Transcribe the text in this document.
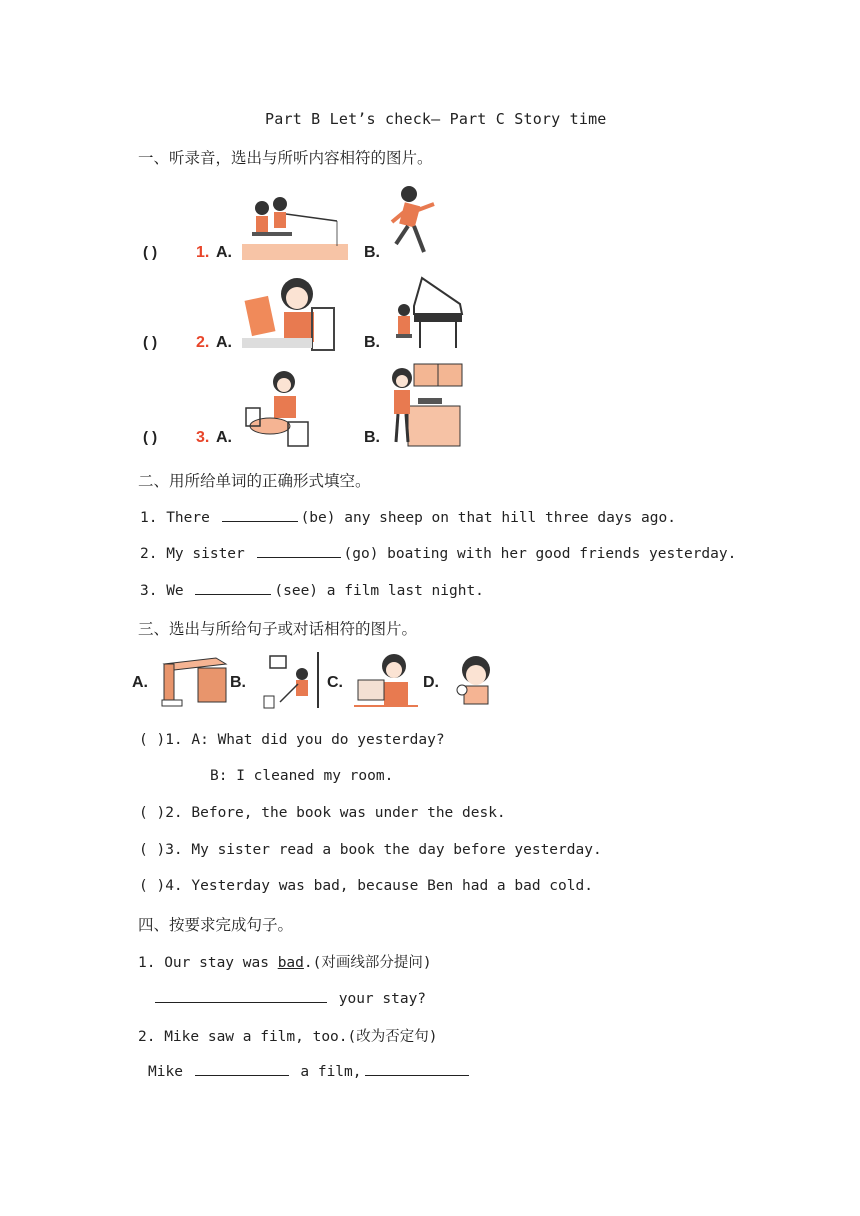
Part B Let’s check— Part C Story time
一、听录音，选出与所听内容相符的图片。
( ) 1. A.	B.
( ) 2. A.	B.
( ) 3. A.	B.
二、用所给单词的正确形式填空。
1. There	(be) any sheep on that hill three days ago.
2. My sister	(go) boating with her good friends yesterday.
3. We	(see) a film last night.
三、选出与所给句子或对话相符的图片。
A.	B.	C.	D.
( )1. A: What did you do yesterday?
B: I cleaned my room.
( )2. Before, the book was under the desk.
( )3. My sister read a book the day before yesterday.
( )4. Yesterday was bad, because Ben had a bad cold.
四、按要求完成句子。
1. Our stay was bad.(对画线部分提问)
your stay?
2. Mike saw a film, too.(改为否定句)
Mike	a film,
